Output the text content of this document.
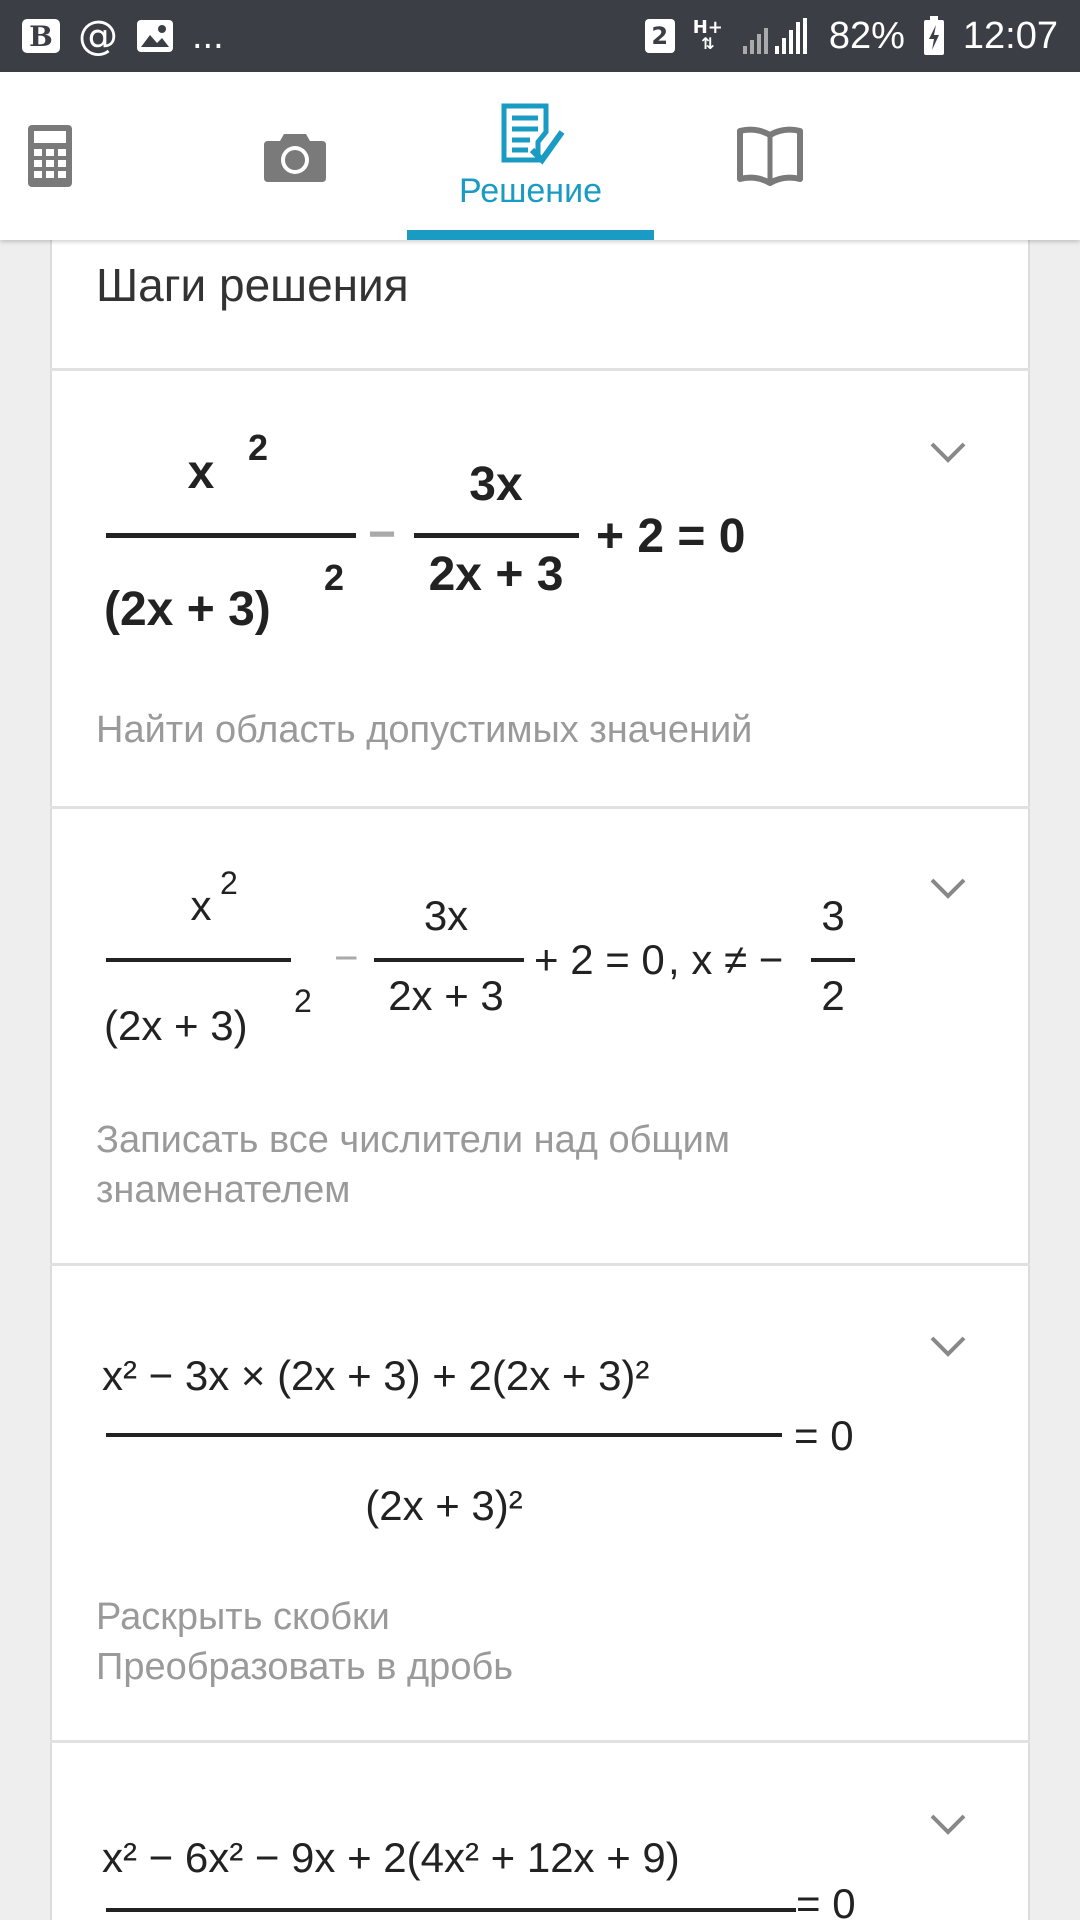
B @ ...	2	H+
⇅	82% 12:07
Решение
Шаги решения
x 2
(2x + 3)
2
−
3x
2x + 3
+ 2 = 0
Найти область допустимых значений
x 2
(2x + 3)
2
−
3x
2x + 3
+ 2 = 0 , x ≠ −
3
2
Записать все числители над общим
знаменателем
x² − 3x × (2x + 3) + 2(2x + 3)²
(2x + 3)²
= 0
Раскрыть скобки
Преобразовать в дробь
x² − 6x² − 9x + 2(4x² + 12x + 9)
= 0
